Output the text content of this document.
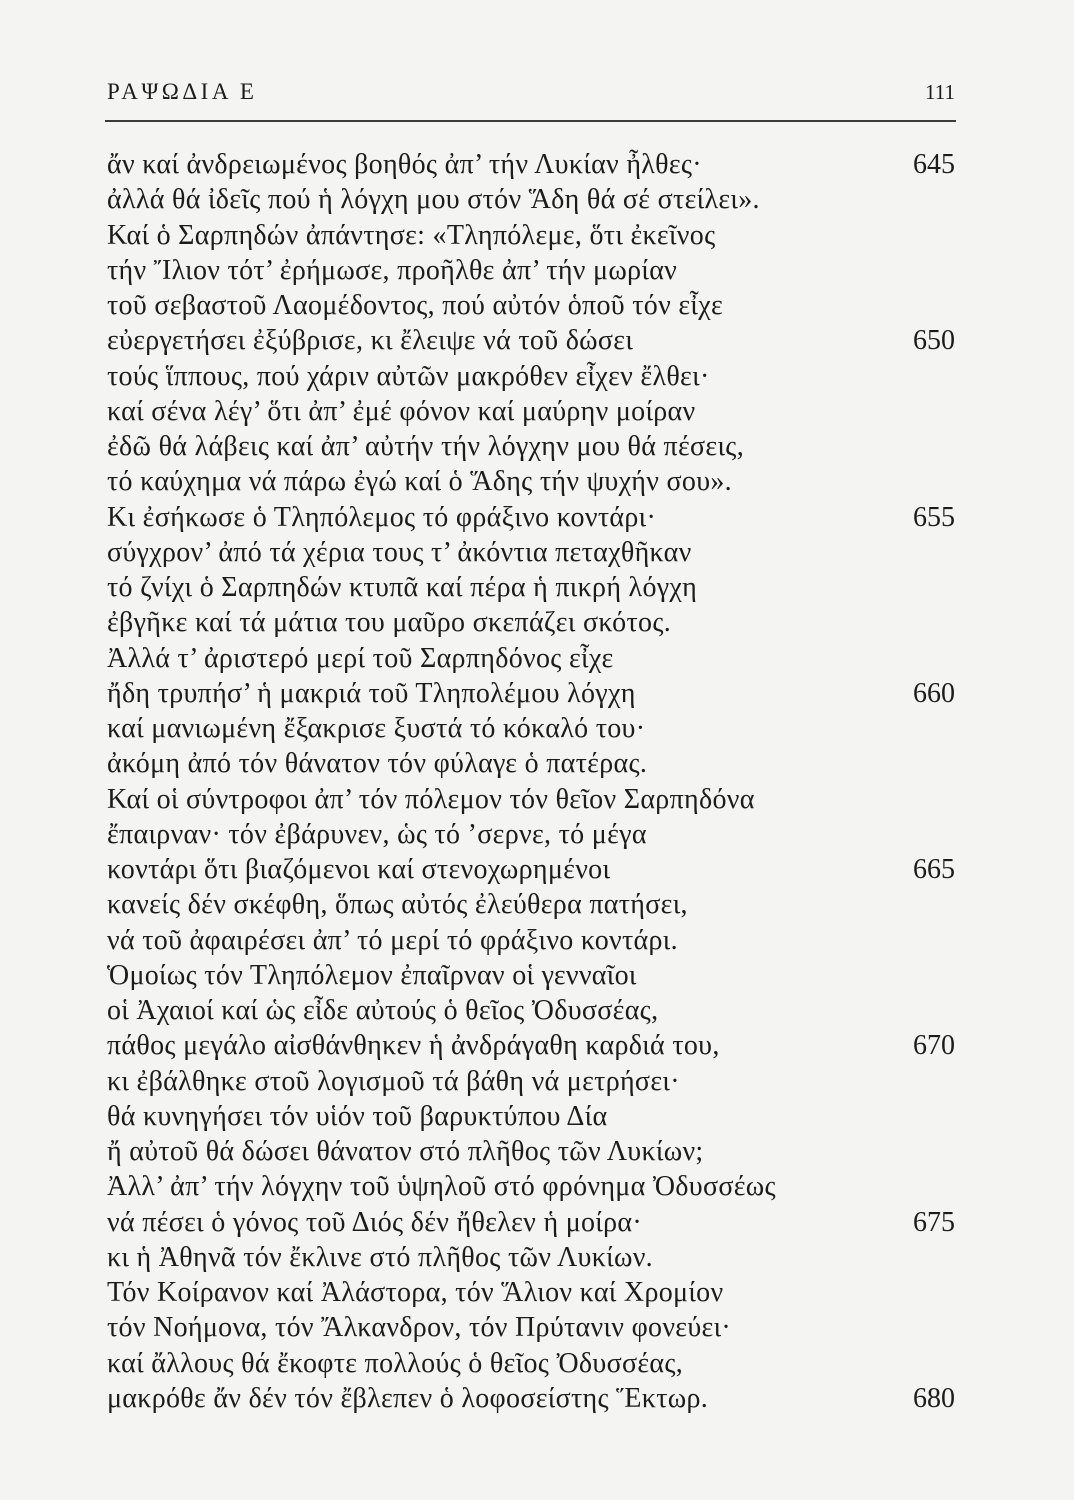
ΡΑΨΩΔΙΑ Ε	111
ἄν καί ἀνδρειωμένος βοηθός ἀπ’ τήν Λυκίαν ἦλθες·	645
ἀλλά θά ἰδεῖς πού ἡ λόγχη μου στόν Ἅδη θά σέ στείλει».
Καί ὁ Σαρπηδών ἀπάντησε: «Τληπόλεμε, ὅτι ἐκεῖνος
τήν Ἴλιον τότ’ ἐρήμωσε, προῆλθε ἀπ’ τήν μωρίαν
τοῦ σεβαστοῦ Λαομέδοντος, πού αὐτόν ὁποῦ τόν εἶχε
εὐεργετήσει ἐξύβρισε, κι ἔλειψε νά τοῦ δώσει	650
τούς ἵππους, πού χάριν αὐτῶν μακρόθεν εἶχεν ἔλθει·
καί σένα λέγ’ ὅτι ἀπ’ ἐμέ φόνον καί μαύρην μοίραν
ἐδῶ θά λάβεις καί ἀπ’ αὐτήν τήν λόγχην μου θά πέσεις,
τό καύχημα νά πάρω ἐγώ καί ὁ Ἅδης τήν ψυχήν σου».
Κι ἐσήκωσε ὁ Τληπόλεμος τό φράξινο κοντάρι·	655
σύγχρον’ ἀπό τά χέρια τους τ’ ἀκόντια πεταχθῆκαν
τό ζνίχι ὁ Σαρπηδών κτυπᾶ καί πέρα ἡ πικρή λόγχη
ἐβγῆκε καί τά μάτια του μαῦρο σκεπάζει σκότος.
Ἀλλά τ’ ἀριστερό μερί τοῦ Σαρπηδόνος εἶχε
ἤδη τρυπήσ’ ἡ μακριά τοῦ Τληπολέμου λόγχη	660
καί μανιωμένη ἔξακρισε ξυστά τό κόκαλό του·
ἀκόμη ἀπό τόν θάνατον τόν φύλαγε ὁ πατέρας.
Καί οἱ σύντροφοι ἀπ’ τόν πόλεμον τόν θεῖον Σαρπηδόνα
ἔπαιρναν· τόν ἐβάρυνεν, ὡς τό ’σερνε, τό μέγα
κοντάρι ὅτι βιαζόμενοι καί στενοχωρημένοι	665
κανείς δέν σκέφθη, ὅπως αὐτός ἐλεύθερα πατήσει,
νά τοῦ ἀφαιρέσει ἀπ’ τό μερί τό φράξινο κοντάρι.
Ὁμοίως τόν Τληπόλεμον ἐπαῖρναν οἱ γενναῖοι
οἱ Ἀχαιοί καί ὡς εἶδε αὐτούς ὁ θεῖος Ὀδυσσέας,
πάθος μεγάλο αἰσθάνθηκεν ἡ ἀνδράγαθη καρδιά του,	670
κι ἐβάλθηκε στοῦ λογισμοῦ τά βάθη νά μετρήσει·
θά κυνηγήσει τόν υἱόν τοῦ βαρυκτύπου Δία
ἤ αὐτοῦ θά δώσει θάνατον στό πλῆθος τῶν Λυκίων;
Ἀλλ’ ἀπ’ τήν λόγχην τοῦ ὑψηλοῦ στό φρόνημα Ὀδυσσέως
νά πέσει ὁ γόνος τοῦ Διός δέν ἤθελεν ἡ μοίρα·	675
κι ἡ Ἀθηνᾶ τόν ἔκλινε στό πλῆθος τῶν Λυκίων.
Τόν Κοίρανον καί Ἀλάστορα, τόν Ἅλιον καί Χρομίον
τόν Νοήμονα, τόν Ἄλκανδρον, τόν Πρύτανιν φονεύει·
καί ἄλλους θά ἔκοφτε πολλούς ὁ θεῖος Ὀδυσσέας,
μακρόθε ἄν δέν τόν ἔβλεπεν ὁ λοφοσείστης Ἕκτωρ.	680
